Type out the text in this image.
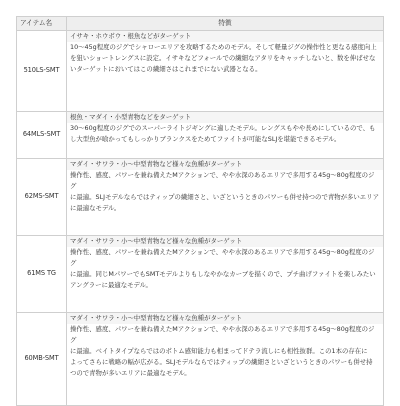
アイテム名	特徴
510LS-SMT	イサキ・ホウボウ・根魚などがターゲット
10～45g程度のジグでシャローエリアを攻略するためのモデル。そして軽量ジグの操作性と更なる感度向上
を狙いショートレングスに設定。イサキなどフォールでの繊細なアタリをキャッチしないと、数を伸ばせな
いターゲットにおいてはこの繊細さはこれまでにない武器となる。

64MLS-SMT	根魚・マダイ・小型青物などをターゲット
30～60g程度のジグでのスーパーライトジギングに適したモデル。レングスもやや長めにしているので、も
し大型魚が喰かってもしっかりブランクスをためてファイトが可能なSLJを堪能できるモデル。

62MS-SMT	マダイ・サワラ・小～中型青物など様々な魚種がターゲット
操作性、感度、パワーを兼ね備えたMアクションで、やや水深のあるエリアで多用する45g～80g程度のジグ
に最適。SLJモデルならではティップの繊細さと、いざというときのパワーも併せ持つので青物が多いエリア
に最適なモデル。

61MS TG	マダイ・サワラ・小～中型青物など様々な魚種がターゲット
操作性、感度、パワーを兼ね備えたMアクションで、やや水深のあるエリアで多用する45g～80g程度のジグ
に最適。同じMパワーでもSMTモデルよりもしなやかなカーブを描くので、プチ曲げファイトを楽しみたい
アングラーに最適なモデル。

60MB-SMT	マダイ・サワラ・小～中型青物など様々な魚種がターゲット
操作性、感度、パワーを兼ね備えたMアクションで、やや水深のあるエリアで多用する45g～80g程度のジグ
に最適。ベイトタイプならではのボトム感知能力も相まってドテラ流しにも相性抜群。この1本の存在に
よってさらに戦略の幅が広がる。SLJモデルならではティップの繊細さといざというときのパワーも併せ持
つので青物が多いエリアに最適なモデル。
